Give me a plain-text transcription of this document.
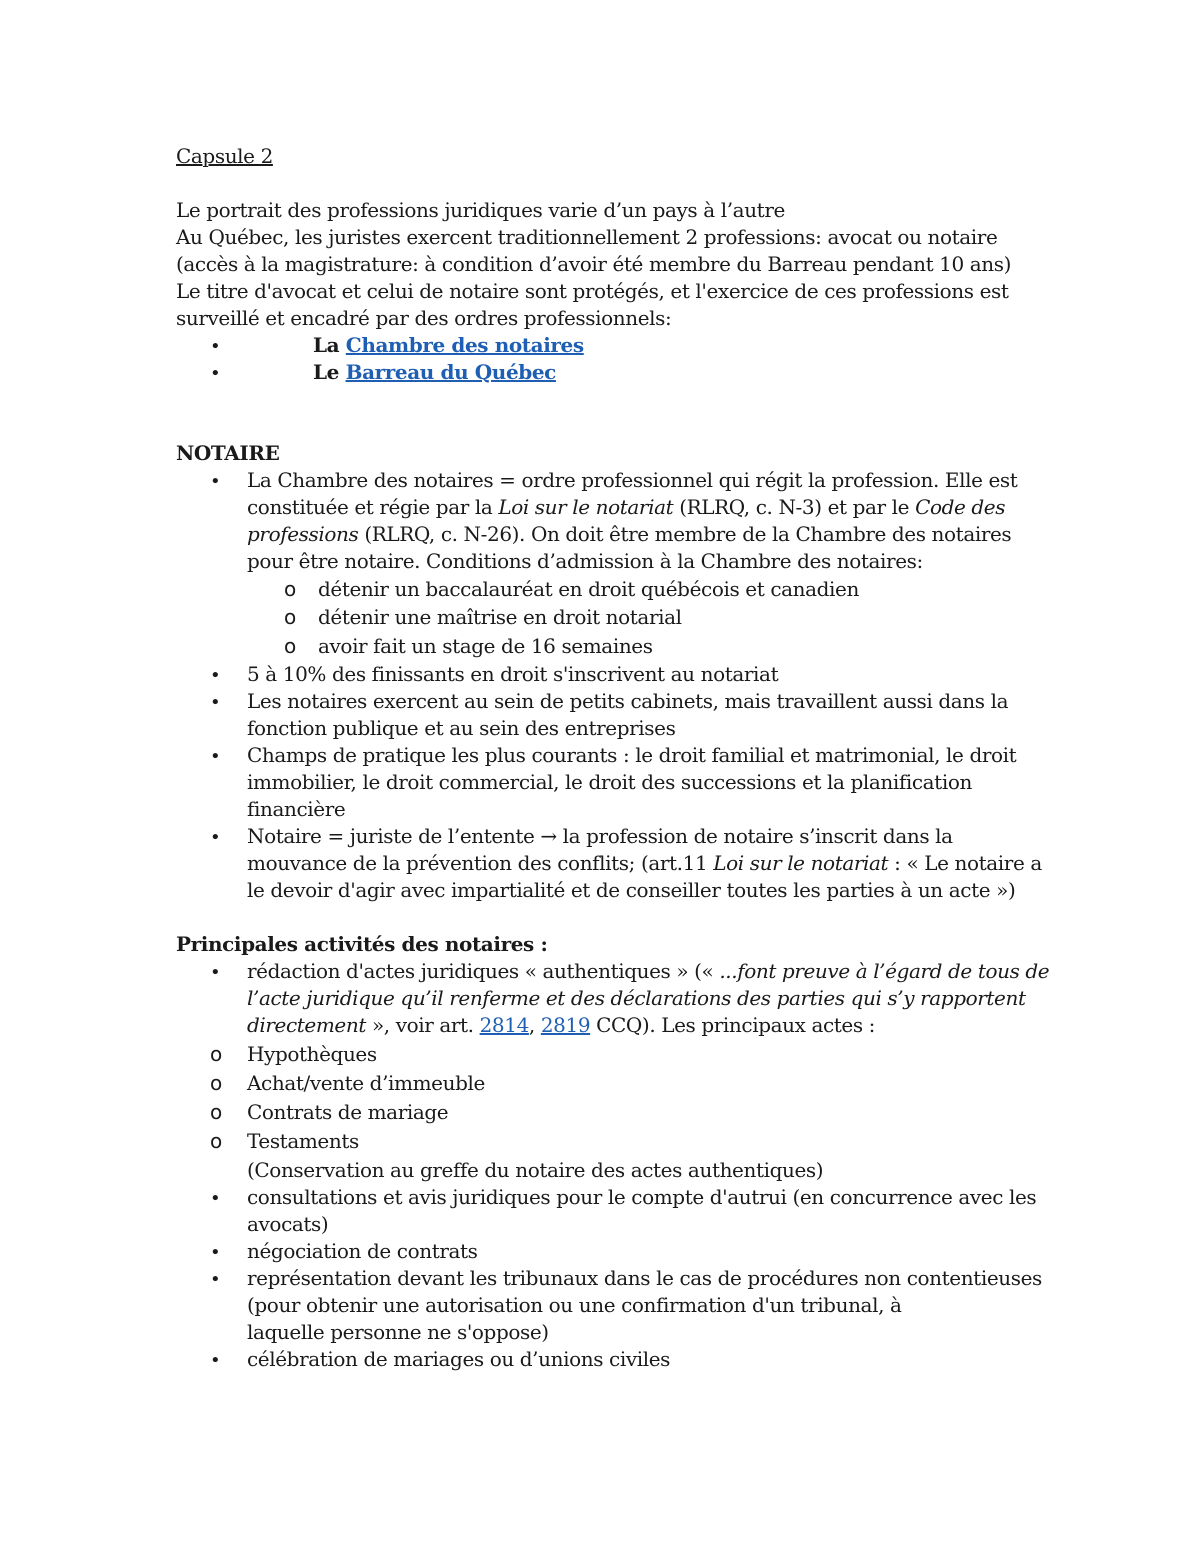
Capsule 2
Le portrait des professions juridiques varie d’un pays à l’autre
Au Québec, les juristes exercent traditionnellement 2 professions: avocat ou notaire
(accès à la magistrature: à condition d’avoir été membre du Barreau pendant 10 ans)
Le titre d'avocat et celui de notaire sont protégés, et l'exercice de ces professions est
surveillé et encadré par des ordres professionnels:
•	La Chambre des notaires
•	Le Barreau du Québec
NOTAIRE
• La Chambre des notaires = ordre professionnel qui régit la profession. Elle est
constituée et régie par la Loi sur le notariat (RLRQ, c. N-3) et par le Code des
professions (RLRQ, c. N-26). On doit être membre de la Chambre des notaires
pour être notaire. Conditions d’admission à la Chambre des notaires:
o détenir un baccalauréat en droit québécois et canadien
o détenir une maîtrise en droit notarial
o avoir fait un stage de 16 semaines
• 5 à 10% des finissants en droit s'inscrivent au notariat
• Les notaires exercent au sein de petits cabinets, mais travaillent aussi dans la
fonction publique et au sein des entreprises
• Champs de pratique les plus courants : le droit familial et matrimonial, le droit
immobilier, le droit commercial, le droit des successions et la planification
financière
• Notaire = juriste de l’entente → la profession de notaire s’inscrit dans la
mouvance de la prévention des conflits; (art.11 Loi sur le notariat : « Le notaire a
le devoir d'agir avec impartialité et de conseiller toutes les parties à un acte »)
Principales activités des notaires :
• rédaction d'actes juridiques « authentiques » (« ...font preuve à l’égard de tous de
l’acte juridique qu’il renferme et des déclarations des parties qui s’y rapportent
directement », voir art. 2814, 2819 CCQ). Les principaux actes :
o Hypothèques
o Achat/vente d’immeuble
o Contrats de mariage
o Testaments
(Conservation au greffe du notaire des actes authentiques)
• consultations et avis juridiques pour le compte d'autrui (en concurrence avec les
avocats)
• négociation de contrats
• représentation devant les tribunaux dans le cas de procédures non contentieuses
(pour obtenir une autorisation ou une confirmation d'un tribunal, à
laquelle personne ne s'oppose)
• célébration de mariages ou d’unions civiles
